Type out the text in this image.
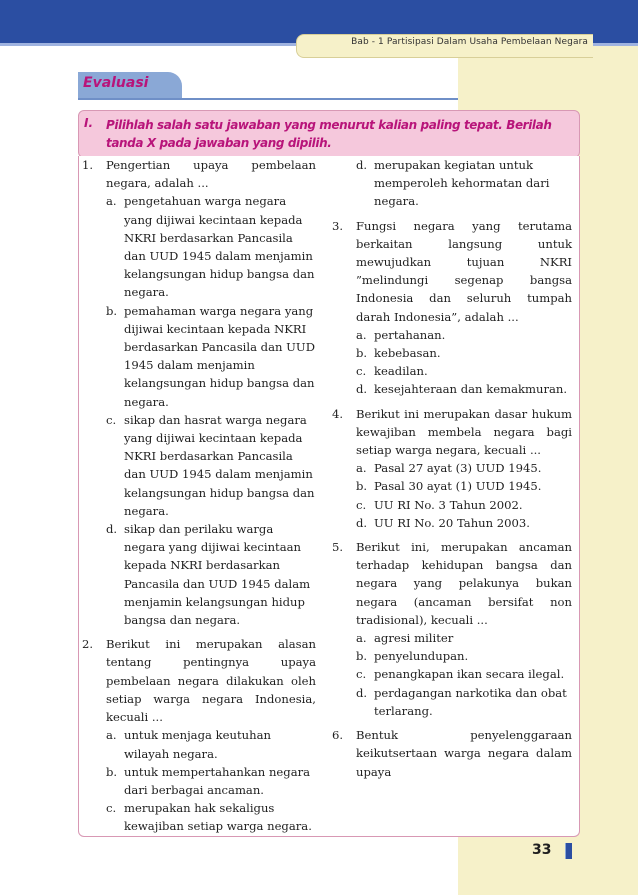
Bab - 1 Partisipasi Dalam Usaha Pembelaan Negara
Evaluasi
I. Pilihlah salah satu jawaban yang menurut kalian paling tepat. Berilah tanda X pada jawaban yang dipilih.
1. Pengertian upaya pembelaan negara, adalah ...
a. pengetahuan warga negara yang dijiwai kecintaan kepada NKRI berdasarkan Pancasila dan UUD 1945 dalam menjamin kelangsungan hidup bangsa dan negara.
b. pemahaman warga negara yang dijiwai kecintaan kepada NKRI berdasarkan Pancasila dan UUD 1945 dalam menjamin kelangsungan hidup bangsa dan negara.
c. sikap dan hasrat warga negara yang dijiwai kecintaan kepada NKRI berdasarkan Pancasila dan UUD 1945 dalam menjamin kelangsungan hidup bangsa dan negara.
d. sikap dan perilaku warga negara yang dijiwai kecintaan kepada NKRI berdasarkan Pancasila dan UUD 1945 dalam menjamin kelangsungan hidup bangsa dan negara.
2. Berikut ini merupakan alasan tentang pentingnya upaya pembelaan negara dilakukan oleh setiap warga negara Indonesia, kecuali ...
a. untuk menjaga keutuhan wilayah negara.
b. untuk mempertahankan negara dari berbagai ancaman.
c. merupakan hak sekaligus kewajiban setiap warga negara.
d. merupakan kegiatan untuk memperoleh kehormatan dari negara.
3. Fungsi negara yang terutama berkaitan langsung untuk mewujudkan tujuan NKRI ”melindungi segenap bangsa Indonesia dan seluruh tumpah darah Indonesia”, adalah ...
a. pertahanan.
b. kebebasan.
c. keadilan.
d. kesejahteraan dan kemakmuran.
4. Berikut ini merupakan dasar hukum kewajiban membela negara bagi setiap warga negara, kecuali ...
a. Pasal 27 ayat (3) UUD 1945.
b. Pasal 30 ayat (1) UUD 1945.
c. UU RI No. 3 Tahun 2002.
d. UU RI No. 20 Tahun 2003.
5. Berikut ini, merupakan ancaman terhadap kehidupan bangsa dan negara yang pelakunya bukan negara (ancaman bersifat non tradisional), kecuali ...
a. agresi militer
b. penyelundupan.
c. penangkapan ikan secara ilegal.
d. perdagangan narkotika dan obat terlarang.
6. Bentuk penyelenggaraan keikutsertaan warga negara dalam upaya
33
